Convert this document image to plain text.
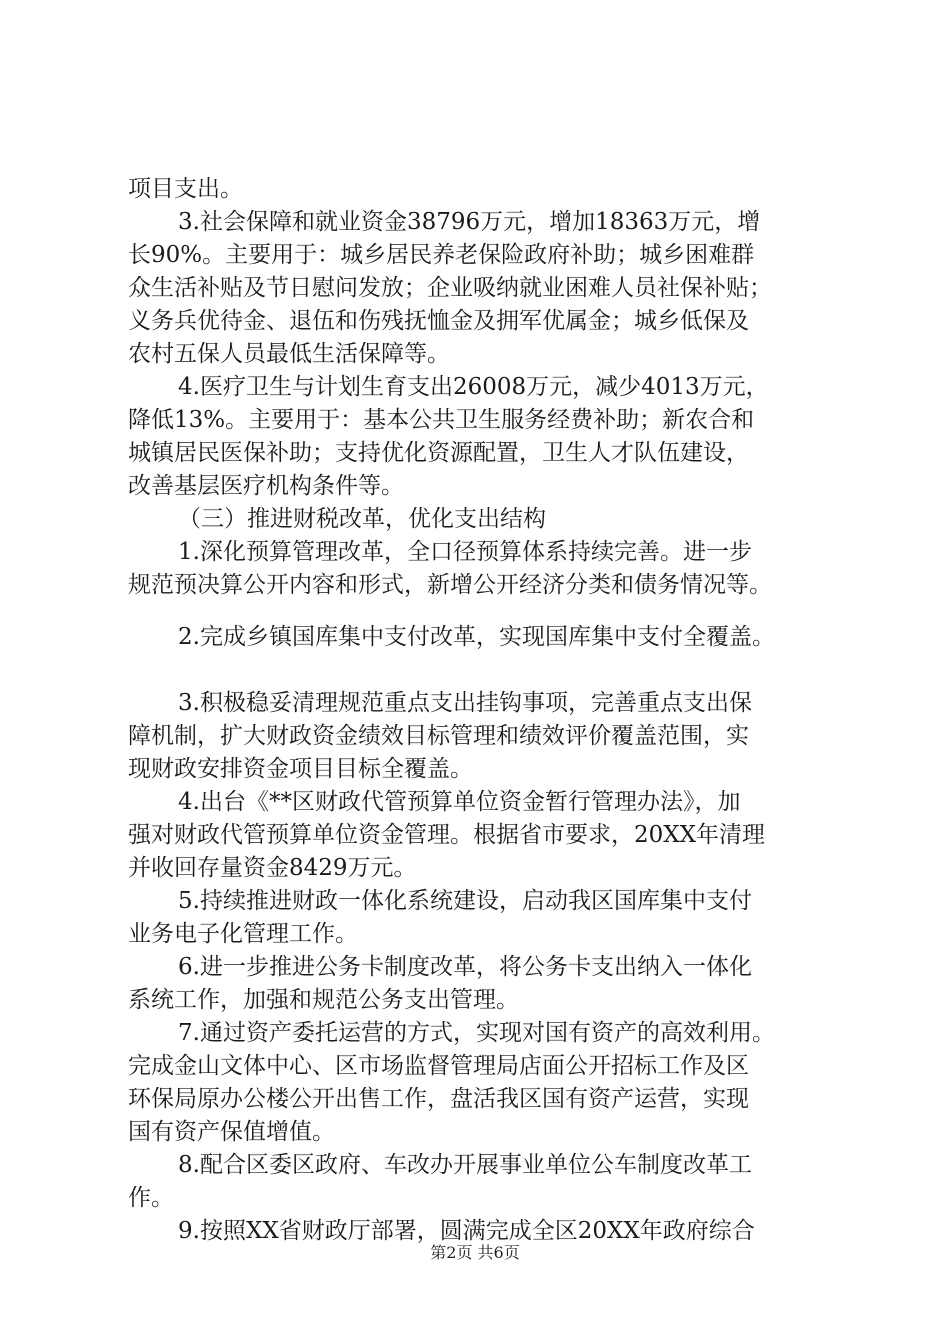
项目支出。
3.社会保障和就业资金38796万元，增加18363万元，增
长90%。主要用于：城乡居民养老保险政府补助；城乡困难群
众生活补贴及节日慰问发放；企业吸纳就业困难人员社保补贴；
义务兵优待金、退伍和伤残抚恤金及拥军优属金；城乡低保及
农村五保人员最低生活保障等。
4.医疗卫生与计划生育支出26008万元，减少4013万元，
降低13%。主要用于：基本公共卫生服务经费补助；新农合和
城镇居民医保补助；支持优化资源配置，卫生人才队伍建设，
改善基层医疗机构条件等。
（三）推进财税改革，优化支出结构
1.深化预算管理改革，全口径预算体系持续完善。进一步
规范预决算公开内容和形式，新增公开经济分类和债务情况等。
2.完成乡镇国库集中支付改革，实现国库集中支付全覆盖。
3.积极稳妥清理规范重点支出挂钩事项，完善重点支出保
障机制，扩大财政资金绩效目标管理和绩效评价覆盖范围，实
现财政安排资金项目目标全覆盖。
4.出台《**区财政代管预算单位资金暂行管理办法》，加
强对财政代管预算单位资金管理。根据省市要求，20XX年清理
并收回存量资金8429万元。
5.持续推进财政一体化系统建设，启动我区国库集中支付
业务电子化管理工作。
6.进一步推进公务卡制度改革，将公务卡支出纳入一体化
系统工作，加强和规范公务支出管理。
7.通过资产委托运营的方式，实现对国有资产的高效利用。
完成金山文体中心、区市场监督管理局店面公开招标工作及区
环保局原办公楼公开出售工作，盘活我区国有资产运营，实现
国有资产保值增值。
8.配合区委区政府、车改办开展事业单位公车制度改革工
作。
9.按照XX省财政厅部署，圆满完成全区20XX年政府综合
第2页 共6页
